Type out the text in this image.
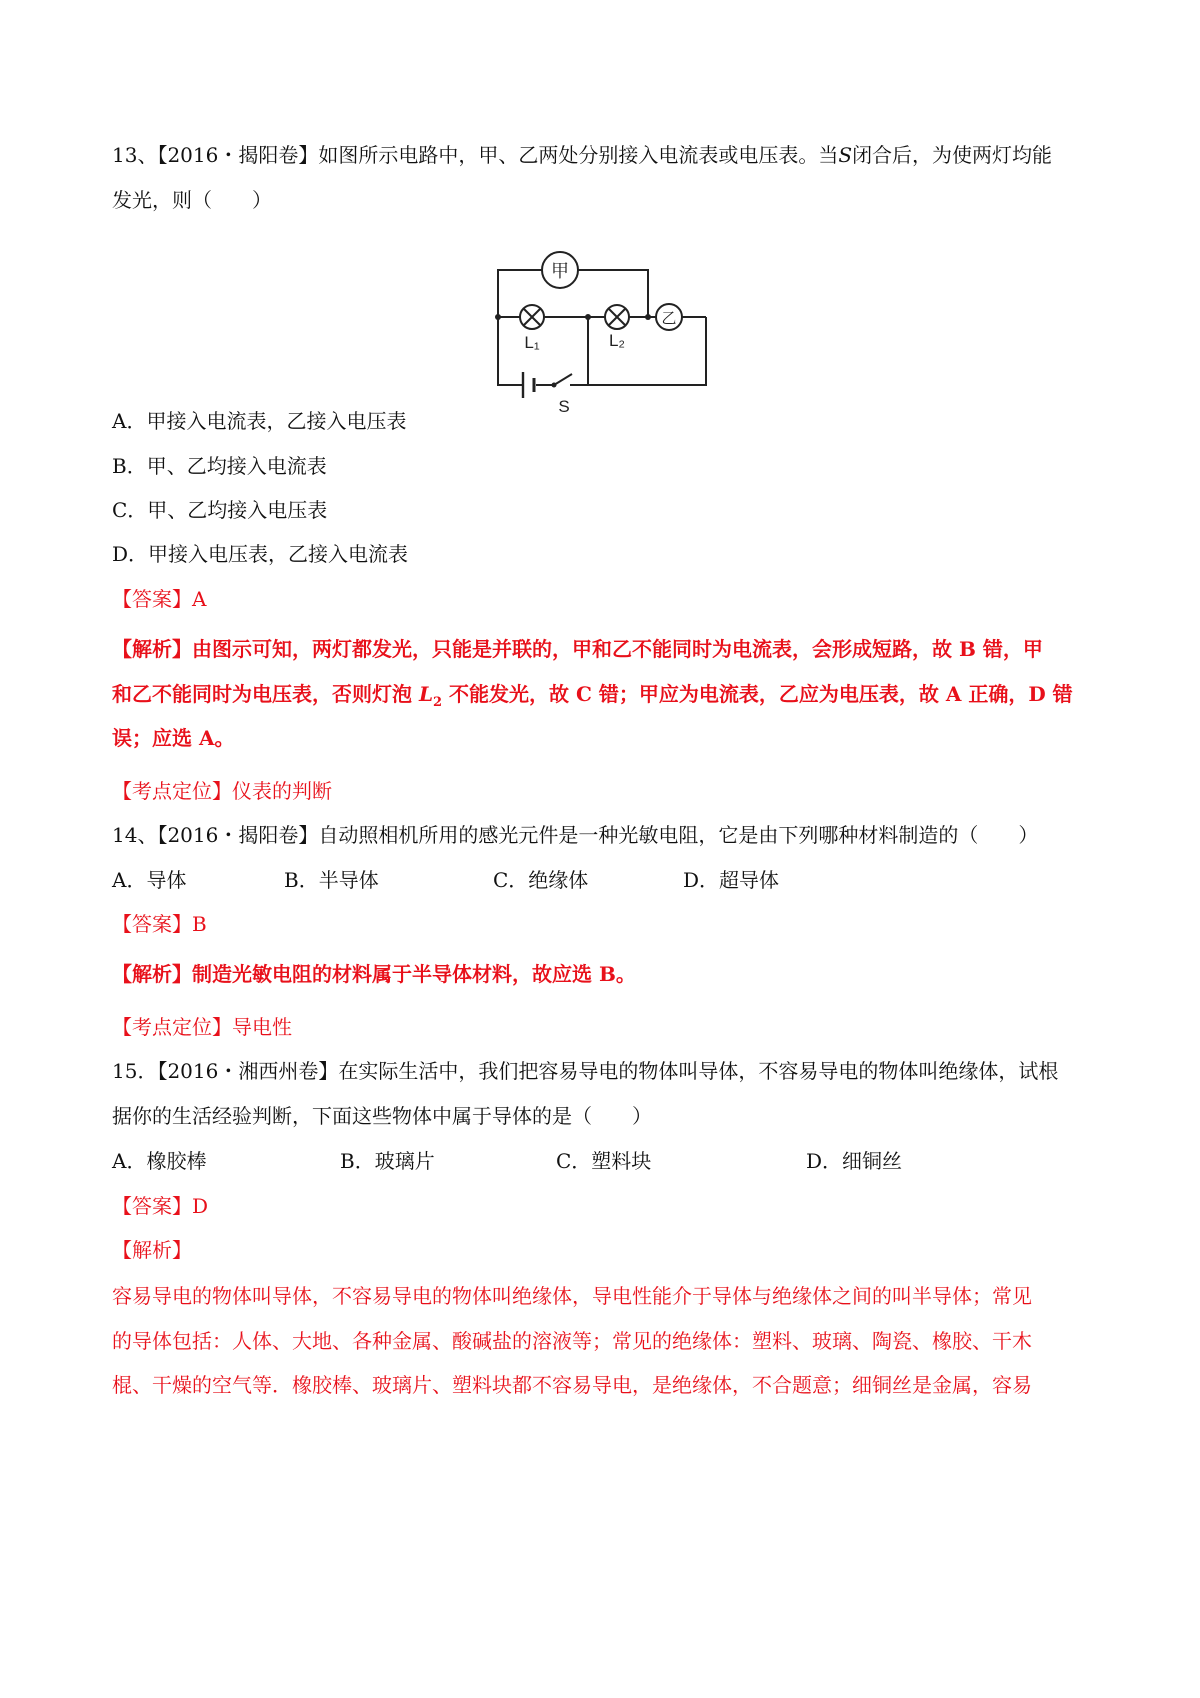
13、【2016・揭阳卷】如图所示电路中，甲、乙两处分别接入电流表或电压表。当S闭合后，为使两灯均能
发光，则（　　）
甲
乙
L₁	L₂
S
A．甲接入电流表，乙接入电压表
B．甲、乙均接入电流表
C．甲、乙均接入电压表
D．甲接入电压表，乙接入电流表
【答案】A
【解析】由图示可知，两灯都发光，只能是并联的，甲和乙不能同时为电流表，会形成短路，故 B 错，甲
和乙不能同时为电压表，否则灯泡 $L_2$ 不能发光，故 C 错；甲应为电流表，乙应为电压表，故 A 正确，D 错
误；应选 A。
【考点定位】仪表的判断
14、【2016・揭阳卷】自动照相机所用的感光元件是一种光敏电阻，它是由下列哪种材料制造的（　　）
A．导体	B．半导体	C．绝缘体	D．超导体
【答案】B
【解析】制造光敏电阻的材料属于半导体材料，故应选 B。
【考点定位】导电性
15．【2016・湘西州卷】在实际生活中，我们把容易导电的物体叫导体，不容易导电的物体叫绝缘体，试根
据你的生活经验判断，下面这些物体中属于导体的是（　　）
A．橡胶棒	B．玻璃片	C．塑料块	D．细铜丝
【答案】D
【解析】
容易导电的物体叫导体，不容易导电的物体叫绝缘体，导电性能介于导体与绝缘体之间的叫半导体；常见
的导体包括：人体、大地、各种金属、酸碱盐的溶液等；常见的绝缘体：塑料、玻璃、陶瓷、橡胶、干木
棍、干燥的空气等．橡胶棒、玻璃片、塑料块都不容易导电，是绝缘体，不合题意；细铜丝是金属，容易
